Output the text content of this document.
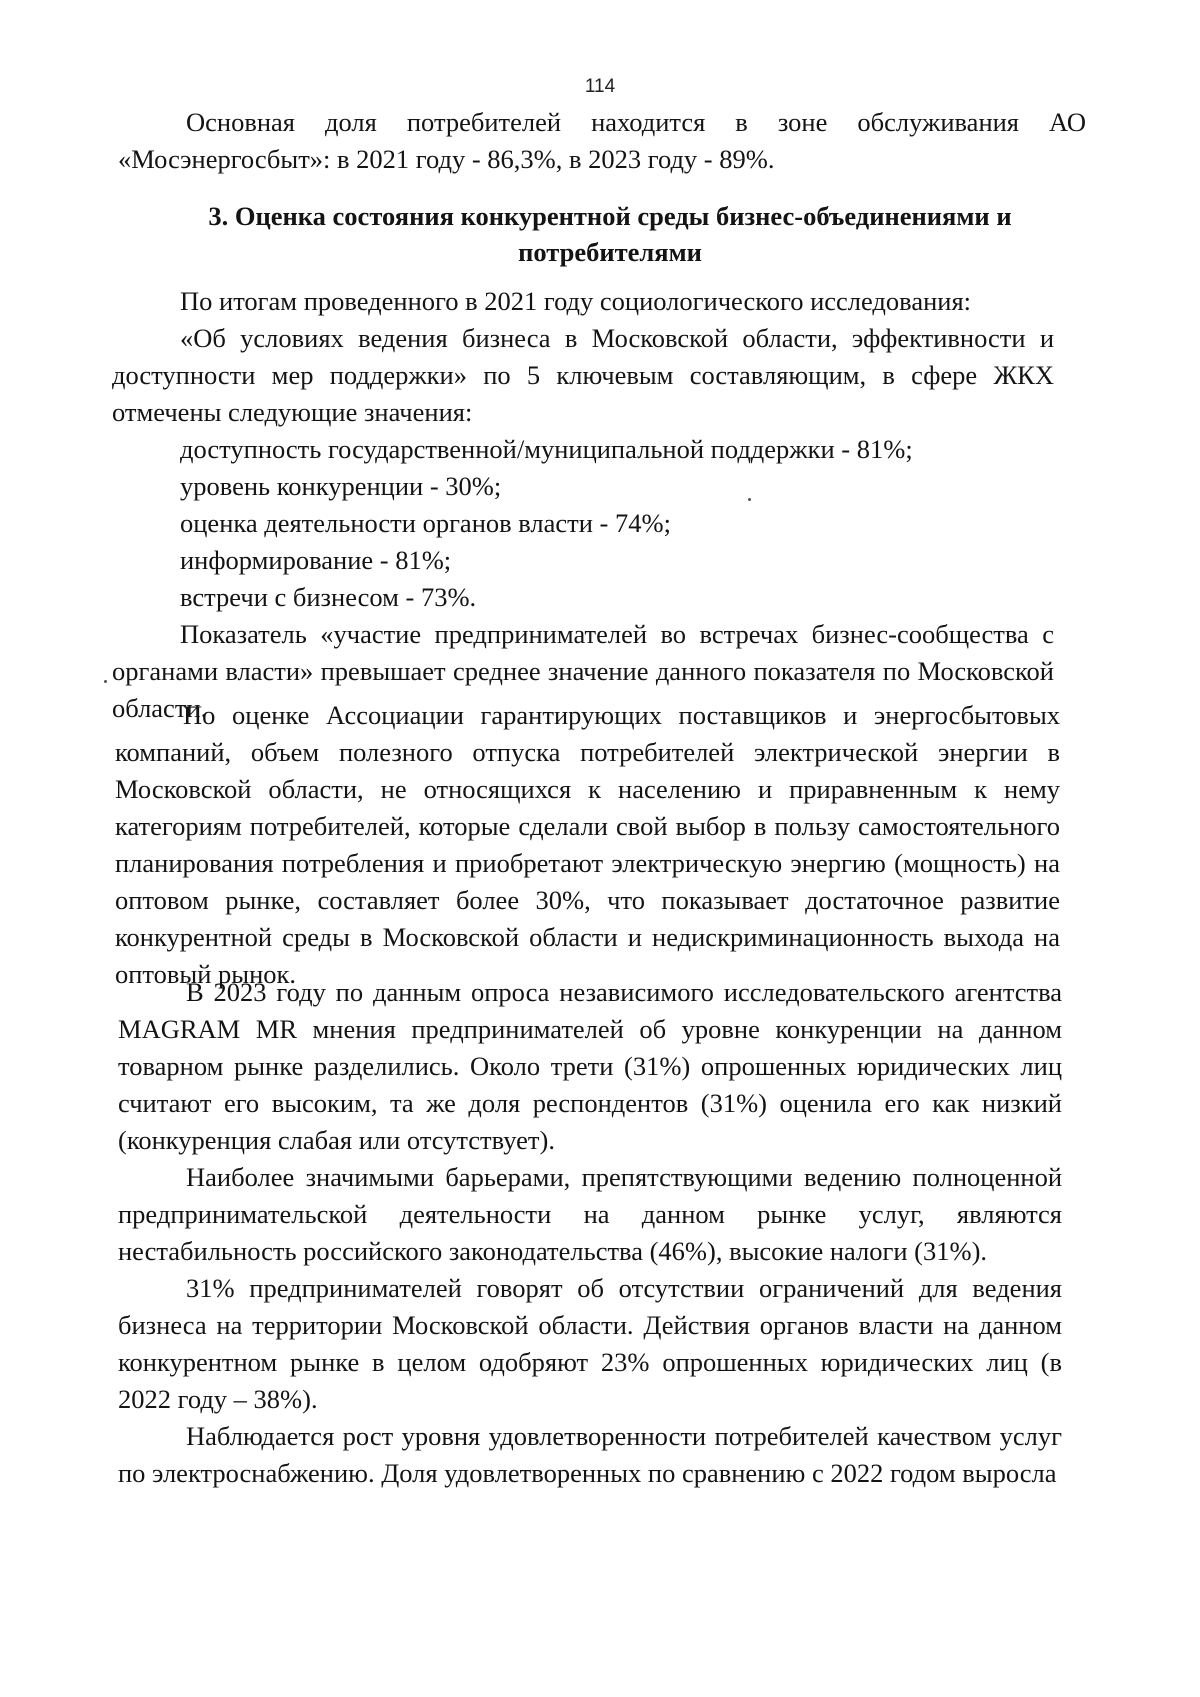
114

Основная доля потребителей находится в зоне обслуживания АО «Мосэнергосбыт»: в 2021 году - 86,3%, в 2023 году - 89%.

3. Оценка состояния конкурентной среды бизнес-объединениями и потребителями

По итогам проведенного в 2021 году социологического исследования:

«Об условиях ведения бизнеса в Московской области, эффективности и доступности мер поддержки» по 5 ключевым составляющим, в сфере ЖКХ отмечены следующие значения:

доступность государственной/муниципальной поддержки - 81%;

уровень конкуренции - 30%;

оценка деятельности органов власти - 74%;

информирование - 81%;

встречи с бизнесом - 73%.

Показатель «участие предпринимателей во встречах бизнес-сообщества с органами власти» превышает среднее значение данного показателя по Московской области.

По оценке Ассоциации гарантирующих поставщиков и энергосбытовых компаний, объем полезного отпуска потребителей электрической энергии в Московской области, не относящихся к населению и приравненным к нему категориям потребителей, которые сделали свой выбор в пользу самостоятельного планирования потребления и приобретают электрическую энергию (мощность) на оптовом рынке, составляет более 30%, что показывает достаточное развитие конкурентной среды в Московской области и недискриминационность выхода на оптовый рынок.

В 2023 году по данным опроса независимого исследовательского агентства MAGRAM MR мнения предпринимателей об уровне конкуренции на данном товарном рынке разделились. Около трети (31%) опрошенных юридических лиц считают его высоким, та же доля респондентов (31%) оценила его как низкий (конкуренция слабая или отсутствует).

Наиболее значимыми барьерами, препятствующими ведению полноценной предпринимательской деятельности на данном рынке услуг, являются нестабильность российского законодательства (46%), высокие налоги (31%).

31% предпринимателей говорят об отсутствии ограничений для ведения бизнеса на территории Московской области. Действия органов власти на данном конкурентном рынке в целом одобряют 23% опрошенных юридических лиц (в 2022 году – 38%).

Наблюдается рост уровня удовлетворенности потребителей качеством услуг по электроснабжению. Доля удовлетворенных по сравнению с 2022 годом выросла
